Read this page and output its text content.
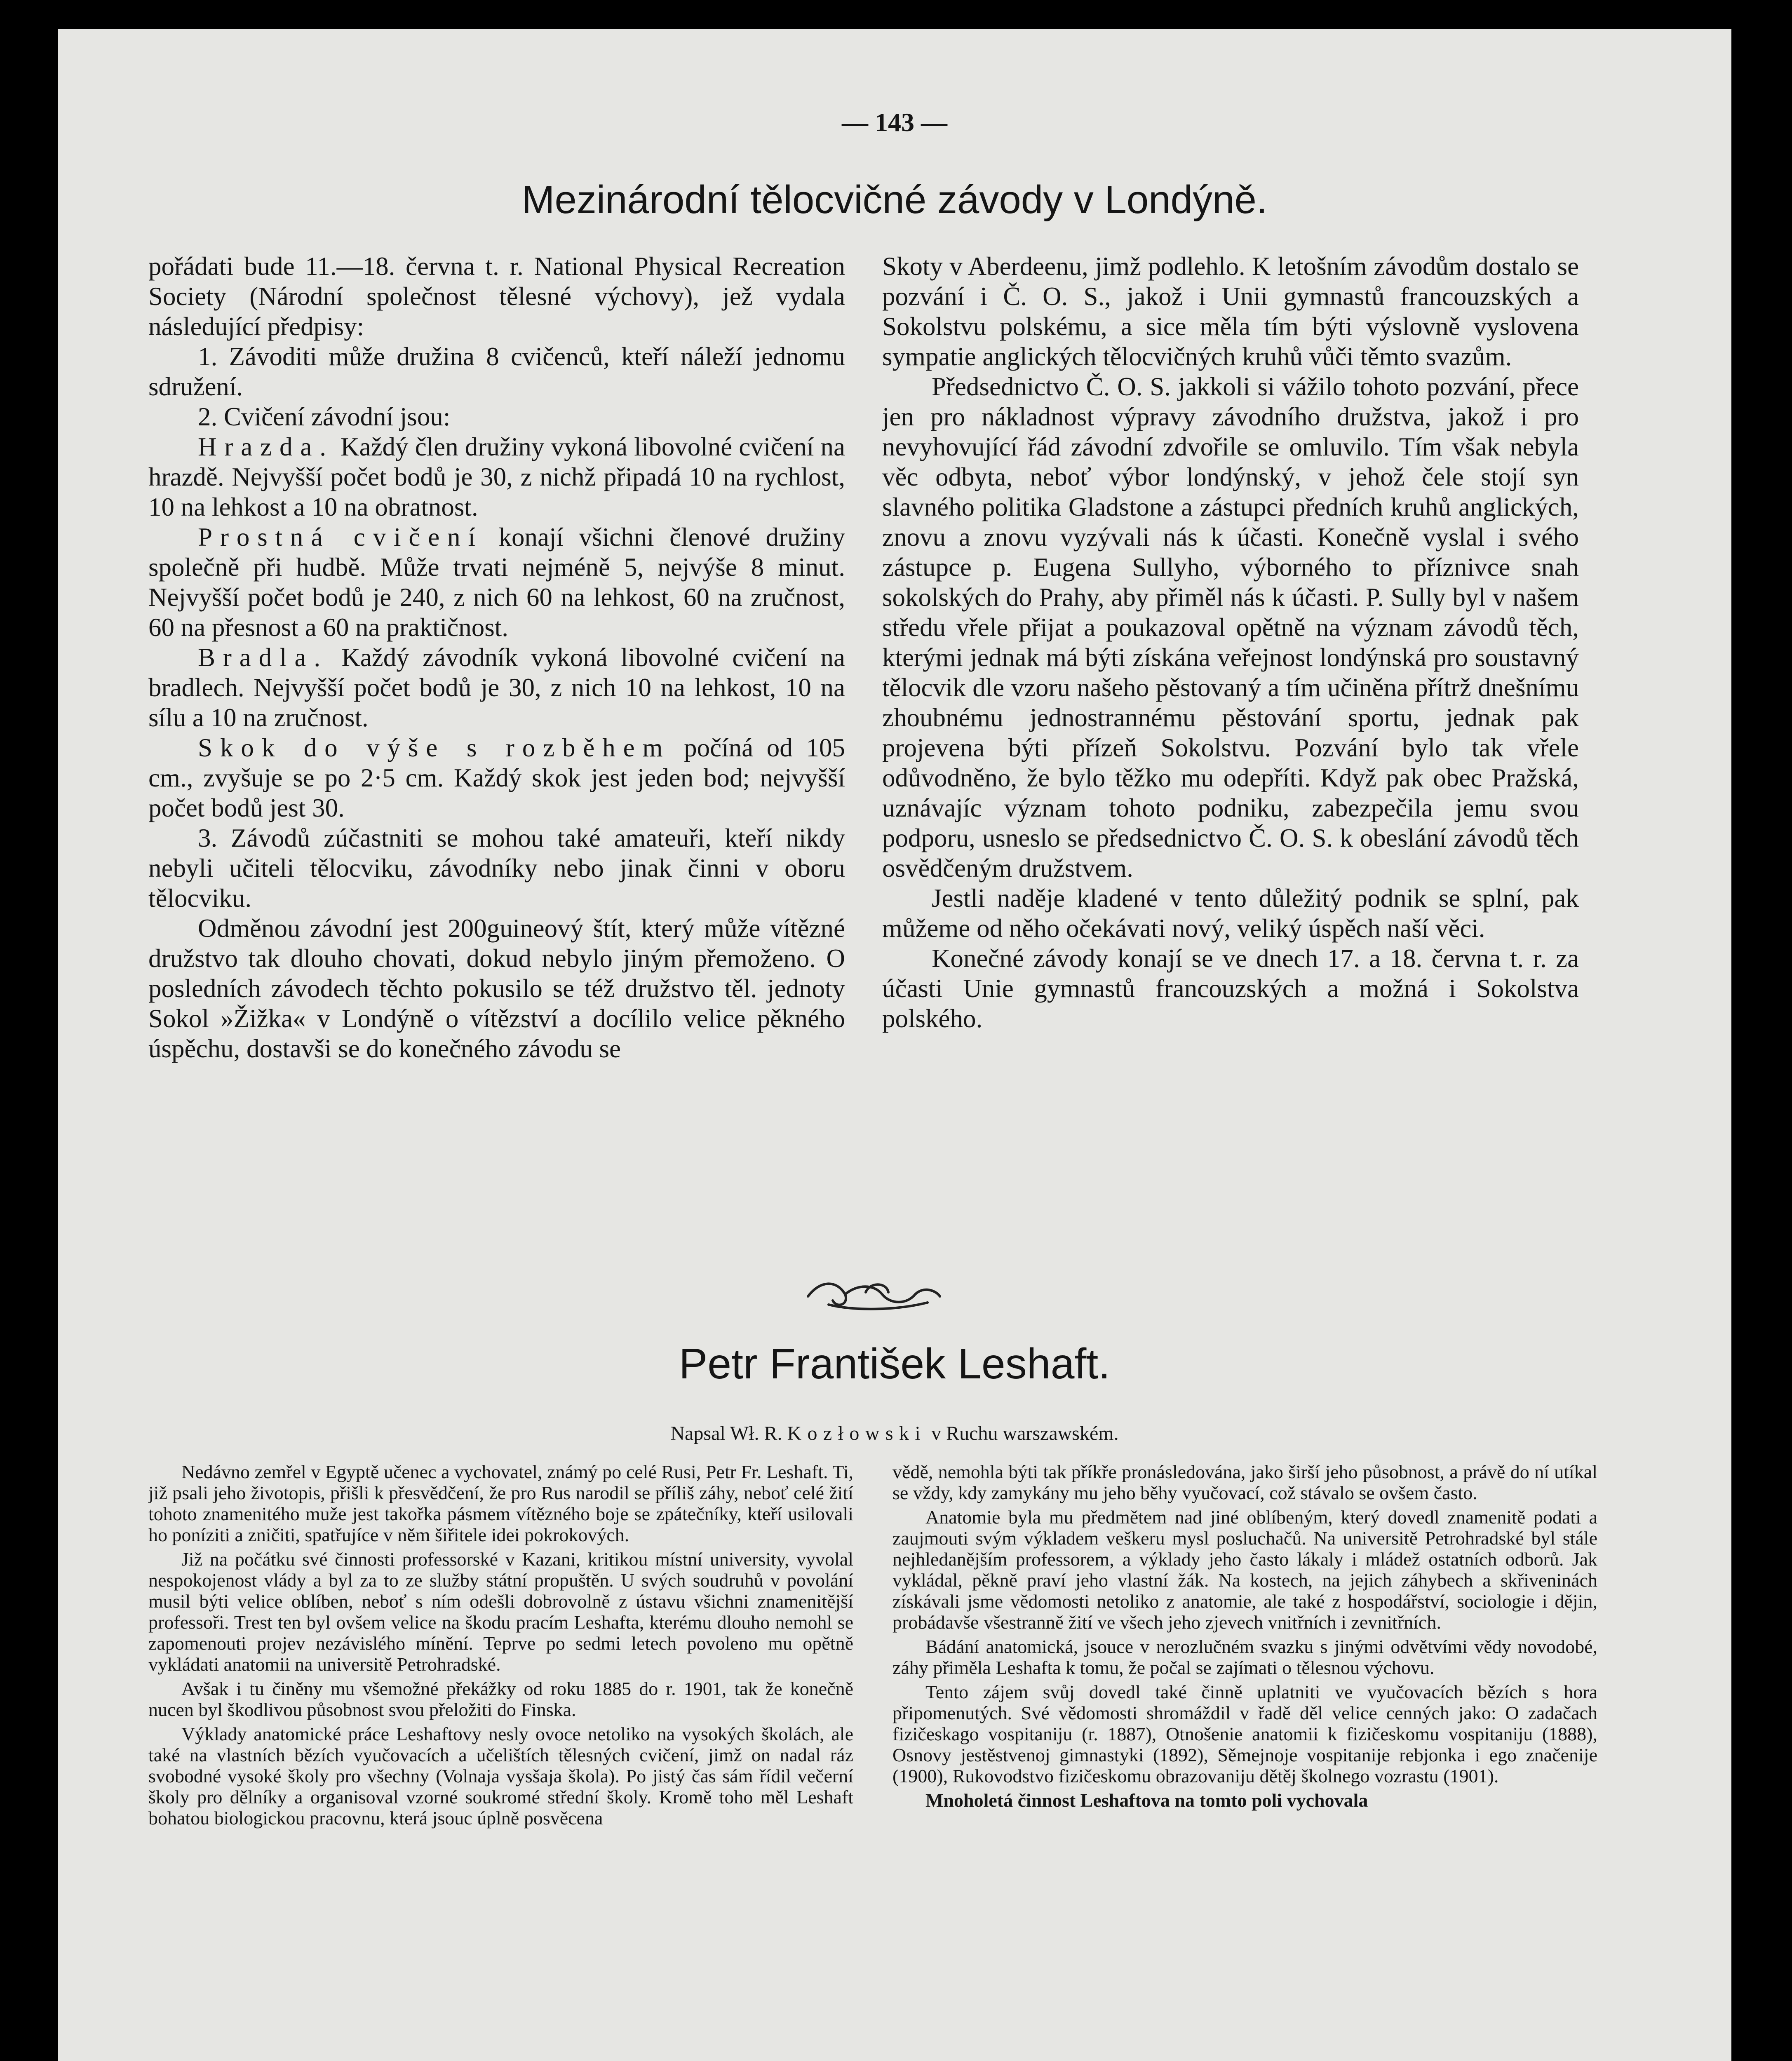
— 143 —
Mezinárodní tělocvičné závody v Londýně.

pořádati bude 11.—18. června t. r. National Physical Recreation Society (Národní společnost tělesné výchovy), jež vydala následující předpisy:

1. Závoditi může družina 8 cvičenců, kteří náleží jednomu sdružení.

2. Cvičení závodní jsou:

Hrazda. Každý člen družiny vykoná libovolné cvičení na hrazdě. Nejvyšší počet bodů je 30, z nichž připadá 10 na rychlost, 10 na lehkost a 10 na obratnost.

Prostná cvičení konají všichni členové družiny společně při hudbě. Může trvati nejméně 5, nejvýše 8 minut. Nejvyšší počet bodů je 240, z nich 60 na lehkost, 60 na zručnost, 60 na přesnost a 60 na praktičnost.

Bradla. Každý závodník vykoná libovolné cvičení na bradlech. Nejvyšší počet bodů je 30, z nich 10 na lehkost, 10 na sílu a 10 na zručnost.

Skok do výše s rozběhem počíná od 105 cm., zvyšuje se po 2·5 cm. Každý skok jest jeden bod; nejvyšší počet bodů jest 30.

3. Závodů zúčastniti se mohou také amateuři, kteří nikdy nebyli učiteli tělocviku, závodníky nebo jinak činni v oboru tělocviku.

Odměnou závodní jest 200guineový štít, který může vítězné družstvo tak dlouho chovati, dokud nebylo jiným přemoženo. O posledních závodech těchto pokusilo se též družstvo těl. jednoty Sokol »Žižka« v Londýně o vítězství a docílilo velice pěkného úspěchu, dostavši se do konečného závodu se

Skoty v Aberdeenu, jimž podlehlo. K letošním závodům dostalo se pozvání i Č. O. S., jakož i Unii gymnastů francouzských a Sokolstvu polskému, a sice měla tím býti výslovně vyslovena sympatie anglických tělocvičných kruhů vůči těmto svazům.

Předsednictvo Č. O. S. jakkoli si vážilo tohoto pozvání, přece jen pro nákladnost výpravy závodního družstva, jakož i pro nevyhovující řád závodní zdvořile se omluvilo. Tím však nebyla věc odbyta, neboť výbor londýnský, v jehož čele stojí syn slavného politika Gladstone a zástupci předních kruhů anglických, znovu a znovu vyzývali nás k účasti. Konečně vyslal i svého zástupce p. Eugena Sullyho, výborného to příznivce snah sokolských do Prahy, aby přiměl nás k účasti. P. Sully byl v našem středu vřele přijat a poukazoval opětně na význam závodů těch, kterými jednak má býti získána veřejnost londýnská pro soustavný tělocvik dle vzoru našeho pěstovaný a tím učiněna přítrž dnešnímu zhoubnému jednostrannému pěstování sportu, jednak pak projevena býti přízeň Sokolstvu. Pozvání bylo tak vřele odůvodněno, že bylo těžko mu odepříti. Když pak obec Pražská, uznávajíc význam tohoto podniku, zabezpečila jemu svou podporu, usneslo se předsednictvo Č. O. S. k obeslání závodů těch osvědčeným družstvem.

Jestli naděje kladené v tento důležitý podnik se splní, pak můžeme od něho očekávati nový, veliký úspěch naší věci.

Konečné závody konají se ve dnech 17. a 18. června t. r. za účasti Unie gymnastů francouzských a možná i Sokolstva polského.

Petr František Leshaft.
Napsal Wł. R. Kozłowski v Ruchu warszawském.

Nedávno zemřel v Egyptě učenec a vychovatel, známý po celé Rusi, Petr Fr. Leshaft. Ti, již psali jeho životopis, přišli k přesvědčení, že pro Rus narodil se příliš záhy, neboť celé žití tohoto znamenitého muže jest takořka pásmem vítězného boje se zpátečníky, kteří usilovali ho poníziti a zničiti, spatřujíce v něm šiřitele idei pokrokových.

Již na počátku své činnosti professorské v Kazani, kritikou místní university, vyvolal nespokojenost vlády a byl za to ze služby státní propuštěn. U svých soudruhů v povolání musil býti velice oblíben, neboť s ním odešli dobrovolně z ústavu všichni znamenitější professoři. Trest ten byl ovšem velice na škodu pracím Leshafta, kterému dlouho nemohl se zapomenouti projev nezávislého mínění. Teprve po sedmi letech povoleno mu opětně vykládati anatomii na universitě Petrohradské.

Avšak i tu činěny mu všemožné překážky od roku 1885 do r. 1901, tak že konečně nucen byl škodlivou působnost svou přeložiti do Finska.

Výklady anatomické práce Leshaftovy nesly ovoce netoliko na vysokých školách, ale také na vlastních bězích vyučovacích a učelištích tělesných cvičení, jimž on nadal ráz svobodné vysoké školy pro všechny (Volnaja vysšaja škola). Po jistý čas sám řídil večerní školy pro dělníky a organisoval vzorné soukromé střední školy. Kromě toho měl Leshaft bohatou biologickou pracovnu, která jsouc úplně posvěcena

vědě, nemohla býti tak příkře pronásledována, jako širší jeho působnost, a právě do ní utíkal se vždy, kdy zamykány mu jeho běhy vyučovací, což stávalo se ovšem často.

Anatomie byla mu předmětem nad jiné oblíbeným, který dovedl znamenitě podati a zaujmouti svým výkladem veškeru mysl posluchačů. Na universitě Petrohradské byl stále nejhledanějším professorem, a výklady jeho často lákaly i mládež ostatních odborů. Jak vykládal, pěkně praví jeho vlastní žák. Na kostech, na jejich záhybech a skřiveninách získávali jsme vědomosti netoliko z anatomie, ale také z hospodářství, sociologie i dějin, probádavše všestranně žití ve všech jeho zjevech vnitřních i zevnitřních.

Bádání anatomická, jsouce v nerozlučném svazku s jinými odvětvími vědy novodobé, záhy přiměla Leshafta k tomu, že počal se zajímati o tělesnou výchovu.

Tento zájem svůj dovedl také činně uplatniti ve vyučovacích bězích s hora připomenutých. Své vědomosti shromáždil v řadě děl velice cenných jako: O zadačach fizičeskago vospitaniju (r. 1887), Otnošenie anatomii k fizičeskomu vospitaniju (1888), Osnovy jestěstvenoj gimnastyki (1892), Sěmejnoje vospitanije rebjonka i ego značenije (1900), Rukovodstvo fizičeskomu obrazovaniju dětěj školnego vozrastu (1901).

Mnoholetá činnost Leshaftova na tomto poli vychovala
